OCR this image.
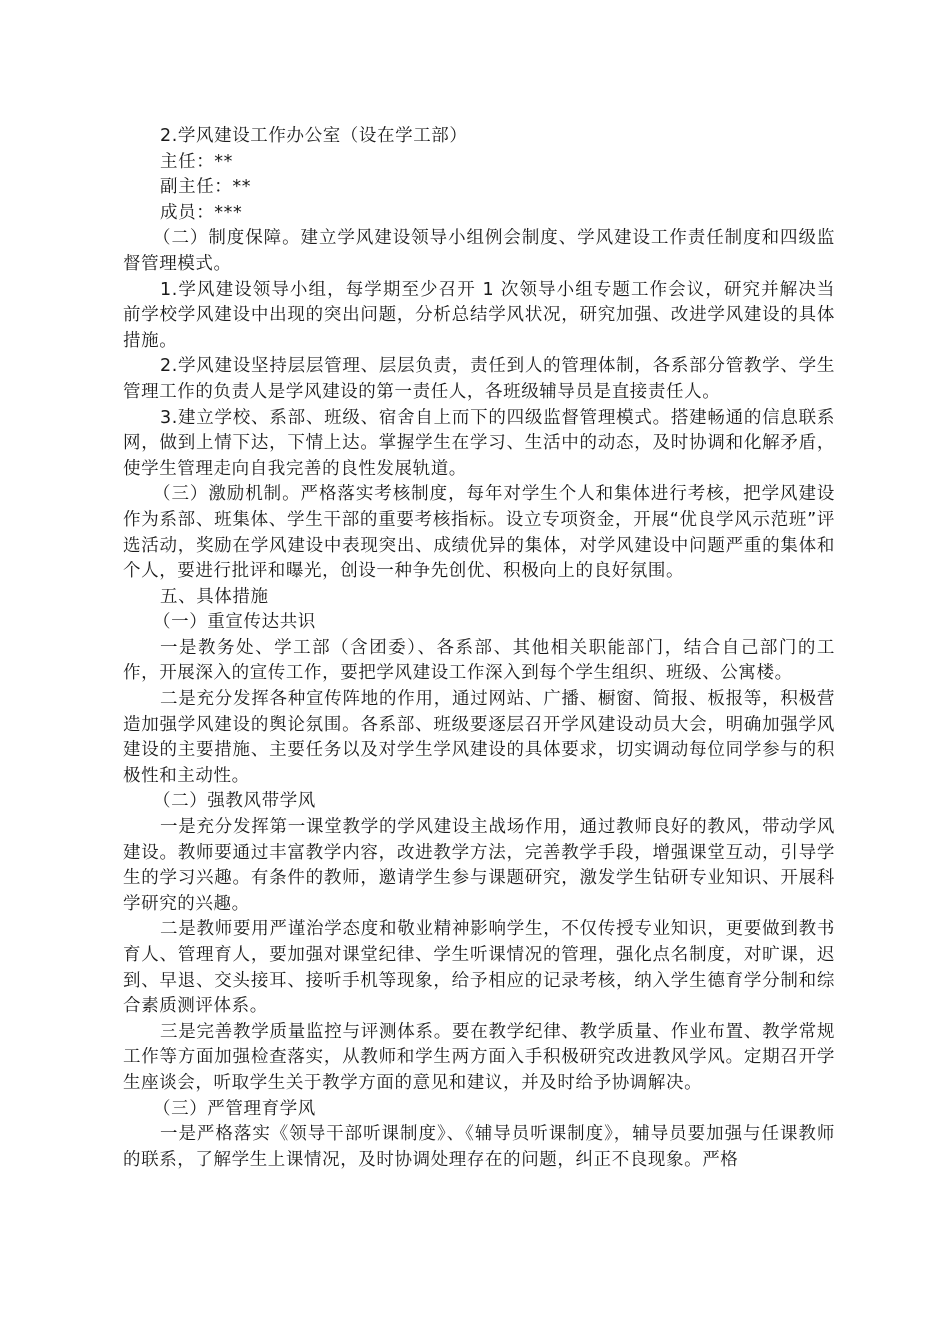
2.学风建设工作办公室（设在学工部）

主任：**

副主任：**

成员：***

（二）制度保障。建立学风建设领导小组例会制度、学风建设工作责任制度和四级监督管理模式。

1.学风建设领导小组，每学期至少召开 1 次领导小组专题工作会议，研究并解决当前学校学风建设中出现的突出问题，分析总结学风状况，研究加强、改进学风建设的具体措施。

2.学风建设坚持层层管理、层层负责，责任到人的管理体制，各系部分管教学、学生管理工作的负责人是学风建设的第一责任人，各班级辅导员是直接责任人。

3.建立学校、系部、班级、宿舍自上而下的四级监督管理模式。搭建畅通的信息联系网，做到上情下达，下情上达。掌握学生在学习、生活中的动态，及时协调和化解矛盾，使学生管理走向自我完善的良性发展轨道。

（三）激励机制。严格落实考核制度，每年对学生个人和集体进行考核，把学风建设作为系部、班集体、学生干部的重要考核指标。设立专项资金，开展“优良学风示范班”评选活动，奖励在学风建设中表现突出、成绩优异的集体，对学风建设中问题严重的集体和个人，要进行批评和曝光，创设一种争先创优、积极向上的良好氛围。

五、具体措施

（一）重宣传达共识

一是教务处、学工部（含团委）、各系部、其他相关职能部门，结合自己部门的工作，开展深入的宣传工作，要把学风建设工作深入到每个学生组织、班级、公寓楼。

二是充分发挥各种宣传阵地的作用，通过网站、广播、橱窗、简报、板报等，积极营造加强学风建设的舆论氛围。各系部、班级要逐层召开学风建设动员大会，明确加强学风建设的主要措施、主要任务以及对学生学风建设的具体要求，切实调动每位同学参与的积极性和主动性。

（二）强教风带学风

一是充分发挥第一课堂教学的学风建设主战场作用，通过教师良好的教风，带动学风建设。教师要通过丰富教学内容，改进教学方法，完善教学手段，增强课堂互动，引导学生的学习兴趣。有条件的教师，邀请学生参与课题研究，激发学生钻研专业知识、开展科学研究的兴趣。

二是教师要用严谨治学态度和敬业精神影响学生，不仅传授专业知识，更要做到教书育人、管理育人，要加强对课堂纪律、学生听课情况的管理，强化点名制度，对旷课，迟到、早退、交头接耳、接听手机等现象，给予相应的记录考核，纳入学生德育学分制和综合素质测评体系。

三是完善教学质量监控与评测体系。要在教学纪律、教学质量、作业布置、教学常规工作等方面加强检查落实，从教师和学生两方面入手积极研究改进教风学风。定期召开学生座谈会，听取学生关于教学方面的意见和建议，并及时给予协调解决。

（三）严管理育学风

一是严格落实《领导干部听课制度》、《辅导员听课制度》，辅导员要加强与任课教师的联系，了解学生上课情况，及时协调处理存在的问题，纠正不良现象。严格
